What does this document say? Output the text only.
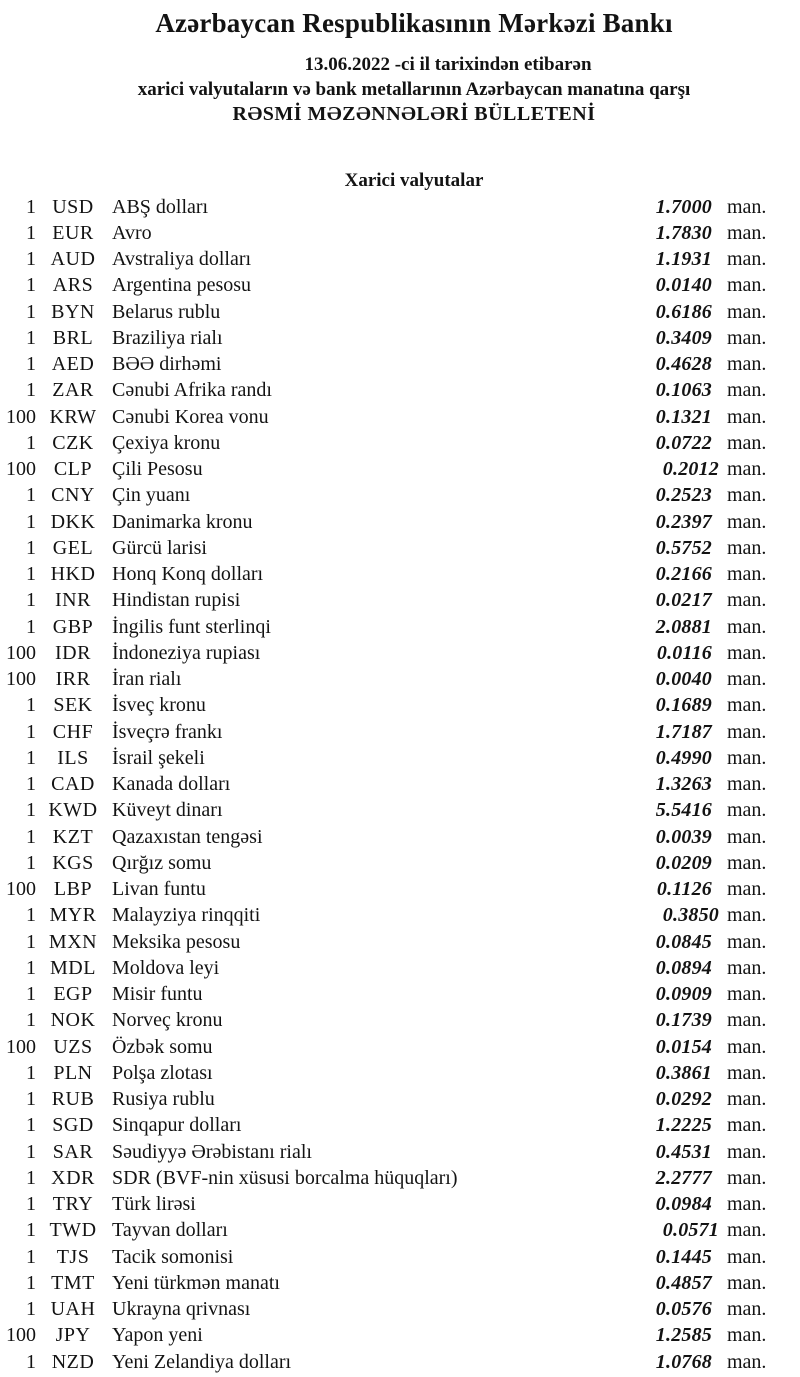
Azərbaycan Respublikasının Mərkəzi Bankı
13.06.2022 -ci il tarixindən etibarən
xarici valyutaların və bank metallarının Azərbaycan manatına qarşı
RƏSMİ MƏZƏNNƏLƏRİ BÜLLETENİ
Xarici valyutalar
1 USD ABŞ dolları	1.7000 man.
1 EUR Avro	1.7830 man.
1 AUD Avstraliya dolları	1.1931 man.
1 ARS Argentina pesosu	0.0140 man.
1 BYN Belarus rublu	0.6186 man.
1 BRL Braziliya rialı	0.3409 man.
1 AED BƏƏ dirhəmi	0.4628 man.
1 ZAR Cənubi Afrika randı	0.1063 man.
100 KRW Cənubi Korea vonu	0.1321 man.
1 CZK Çexiya kronu	0.0722 man.
100 CLP Çili Pesosu	0.2012 man.
1 CNY Çin yuanı	0.2523 man.
1 DKK Danimarka kronu	0.2397 man.
1 GEL Gürcü larisi	0.5752 man.
1 HKD Honq Konq dolları	0.2166 man.
1 INR	Hindistan rupisi	0.0217 man.
1 GBP İngilis funt sterlinqi	2.0881 man.
100 IDR	İndoneziya rupiası	0.0116 man.
100 IRR	İran rialı	0.0040 man.
1 SEK İsveç kronu	0.1689 man.
1 CHF İsveçrə frankı	1.7187 man.
1	ILS	İsrail şekeli	0.4990 man.
1 CAD Kanada dolları	1.3263 man.
1 KWD Küveyt dinarı	5.5416 man.
1 KZT Qazaxıstan tengəsi	0.0039 man.
1 KGS Qırğız somu	0.0209 man.
100 LBP Livan funtu	0.1126 man.
1 MYR Malayziya rinqqiti	0.3850 man.
1 MXN Meksika pesosu	0.0845 man.
1 MDL Moldova leyi	0.0894 man.
1 EGP Misir funtu	0.0909 man.
1 NOK Norveç kronu	0.1739 man.
100 UZS Özbək somu	0.0154 man.
1 PLN Polşa zlotası	0.3861 man.
1 RUB Rusiya rublu	0.0292 man.
1 SGD Sinqapur dolları	1.2225 man.
1 SAR Səudiyyə Ərəbistanı rialı	0.4531 man.
1 XDR SDR (BVF-nin xüsusi borcalma hüquqları)	2.2777 man.
1 TRY Türk lirəsi	0.0984 man.
1 TWD Tayvan dolları	0.0571 man.
1	TJS	Tacik somonisi	0.1445 man.
1 TMT Yeni türkmən manatı	0.4857 man.
1 UAH Ukrayna qrivnası	0.0576 man.
100 JPY	Yapon yeni	1.2585 man.
1 NZD Yeni Zelandiya dolları	1.0768 man.
